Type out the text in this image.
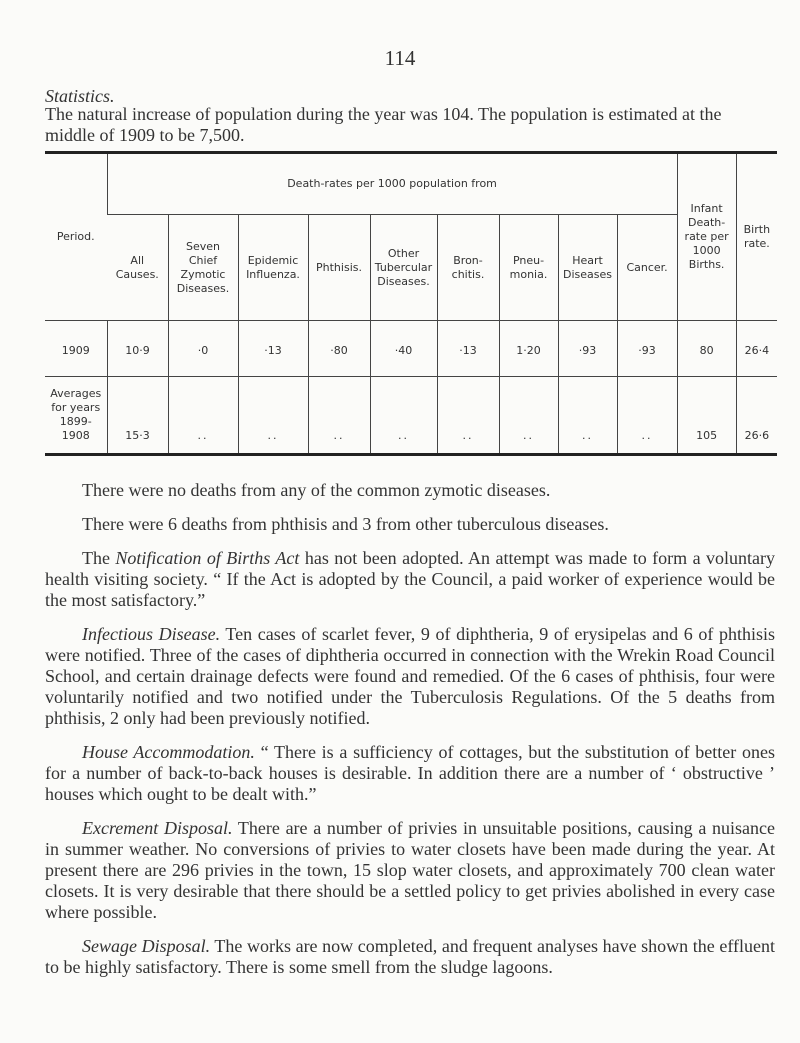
114
Statistics.
The natural increase of population during the year was 104. The population is estimated at the middle of 1909 to be 7,500.
Period.	Death-rates per 1000 population from									Infant Death-rate per 1000 Births.	Birth rate.
	All Causes.	Seven Chief Zymotic Diseases.	Epidemic Influenza.	Phthisis.	Other Tubercular Diseases.	Bron-chitis.	Pneu-monia.	Heart Diseases	Cancer.		
1909	10·9	·0	·13	·80	·40	·13	1·20	·93	·93	80	26·4
Averages for years 1899-1908	15·3	..	..	..	..	..	..	..	..	105	26·6

There were no deaths from any of the common zymotic diseases.

There were 6 deaths from phthisis and 3 from other tuberculous diseases.

The Notification of Births Act has not been adopted. An attempt was made to form a voluntary health visiting society. “ If the Act is adopted by the Council, a paid worker of experience would be the most satisfactory.”

Infectious Disease. Ten cases of scarlet fever, 9 of diphtheria, 9 of erysipelas and 6 of phthisis were notified. Three of the cases of diphtheria occurred in connection with the Wrekin Road Council School, and certain drainage defects were found and remedied. Of the 6 cases of phthisis, four were voluntarily notified and two notified under the Tuberculosis Regulations. Of the 5 deaths from phthisis, 2 only had been previously notified.

House Accommodation. “ There is a sufficiency of cottages, but the substitution of better ones for a number of back-to-back houses is desirable. In addition there are a number of ‘ obstructive ’ houses which ought to be dealt with.”

Excrement Disposal. There are a number of privies in unsuitable positions, causing a nuisance in summer weather. No conversions of privies to water closets have been made during the year. At present there are 296 privies in the town, 15 slop water closets, and approximately 700 clean water closets. It is very desirable that there should be a settled policy to get privies abolished in every case where possible.

Sewage Disposal. The works are now completed, and frequent analyses have shown the effluent to be highly satisfactory. There is some smell from the sludge lagoons.
